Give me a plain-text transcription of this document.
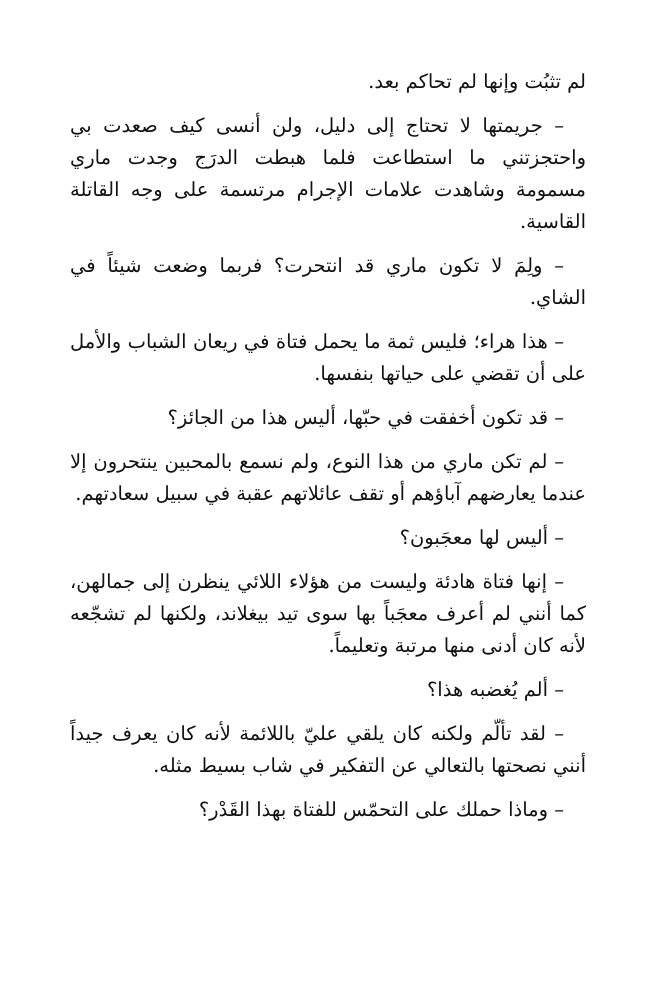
لم تثبُت وإنها لم تحاكم بعد.

– جريمتها لا تحتاج إلى دليل، ولن أنسى كيف صعدت بي واحتجزتني ما استطاعت فلما هبطت الدرَج وجدت ماري مسمومة وشاهدت علامات الإجرام مرتسمة على وجه القاتلة القاسية.

– ولِمَ لا تكون ماري قد انتحرت؟ فربما وضعت شيئاً في الشاي.

– هذا هراء؛ فليس ثمة ما يحمل فتاة في ريعان الشباب والأمل على أن تقضي على حياتها بنفسها.

– قد تكون أخفقت في حبّها، أليس هذا من الجائز؟

– لم تكن ماري من هذا النوع، ولم نسمع بالمحبين ينتحرون إلا عندما يعارضهم آباؤهم أو تقف عائلاتهم عقبة في سبيل سعادتهم.

– أليس لها معجَبون؟

– إنها فتاة هادئة وليست من هؤلاء اللائي ينظرن إلى جمالهن، كما أنني لم أعرف معجَباً بها سوى تيد بيغلاند، ولكنها لم تشجّعه لأنه كان أدنى منها مرتبة وتعليماً.

– ألم يُغضبه هذا؟

– لقد تألّم ولكنه كان يلقي عليّ باللائمة لأنه كان يعرف جيداً أنني نصحتها بالتعالي عن التفكير في شاب بسيط مثله.

– وماذا حملك على التحمّس للفتاة بهذا القَدْر؟
